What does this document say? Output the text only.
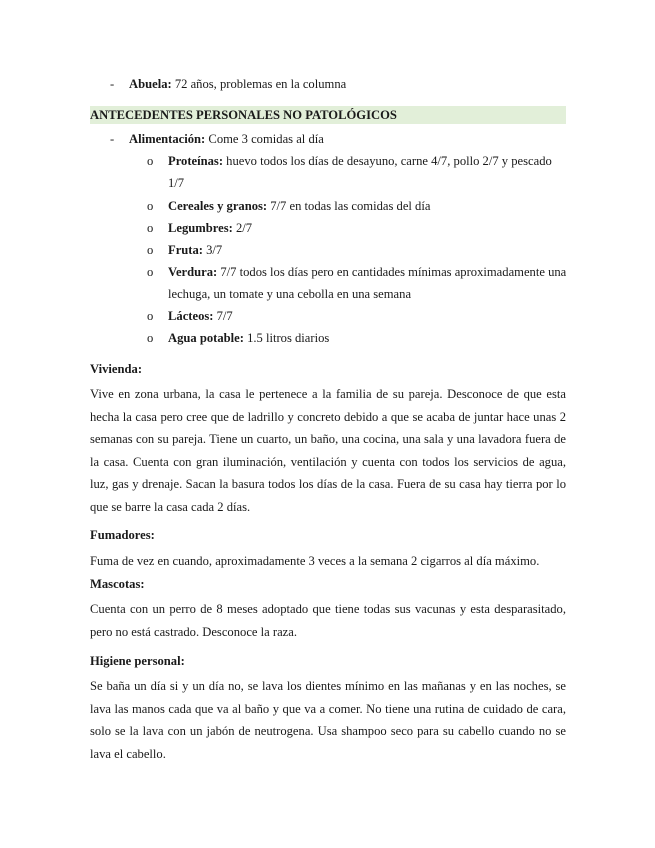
- Abuela: 72 años, problemas en la columna
ANTECEDENTES PERSONALES NO PATOLÓGICOS
- Alimentación: Come 3 comidas al día
o Proteínas: huevo todos los días de desayuno, carne 4/7, pollo 2/7 y pescado 1/7
o Cereales y granos: 7/7 en todas las comidas del día
o Legumbres: 2/7
o Fruta: 3/7
o Verdura: 7/7 todos los días pero en cantidades mínimas aproximadamente una lechuga, un tomate y una cebolla en una semana
o Lácteos: 7/7
o Agua potable: 1.5 litros diarios
Vivienda:
Vive en zona urbana, la casa le pertenece a la familia de su pareja. Desconoce de que esta hecha la casa pero cree que de ladrillo y concreto debido a que se acaba de juntar hace unas 2 semanas con su pareja. Tiene un cuarto, un baño, una cocina, una sala y una lavadora fuera de la casa. Cuenta con gran iluminación, ventilación y cuenta con todos los servicios de agua, luz, gas y drenaje. Sacan la basura todos los días de la casa. Fuera de su casa hay tierra por lo que se barre la casa cada 2 días.
Fumadores:
Fuma de vez en cuando, aproximadamente 3 veces a la semana 2 cigarros al día máximo.
Mascotas:
Cuenta con un perro de 8 meses adoptado que tiene todas sus vacunas y esta desparasitado, pero no está castrado. Desconoce la raza.
Higiene personal:
Se baña un día si y un día no, se lava los dientes mínimo en las mañanas y en las noches, se lava las manos cada que va al baño y que va a comer. No tiene una rutina de cuidado de cara, solo se la lava con un jabón de neutrogena. Usa shampoo seco para su cabello cuando no se lava el cabello.
